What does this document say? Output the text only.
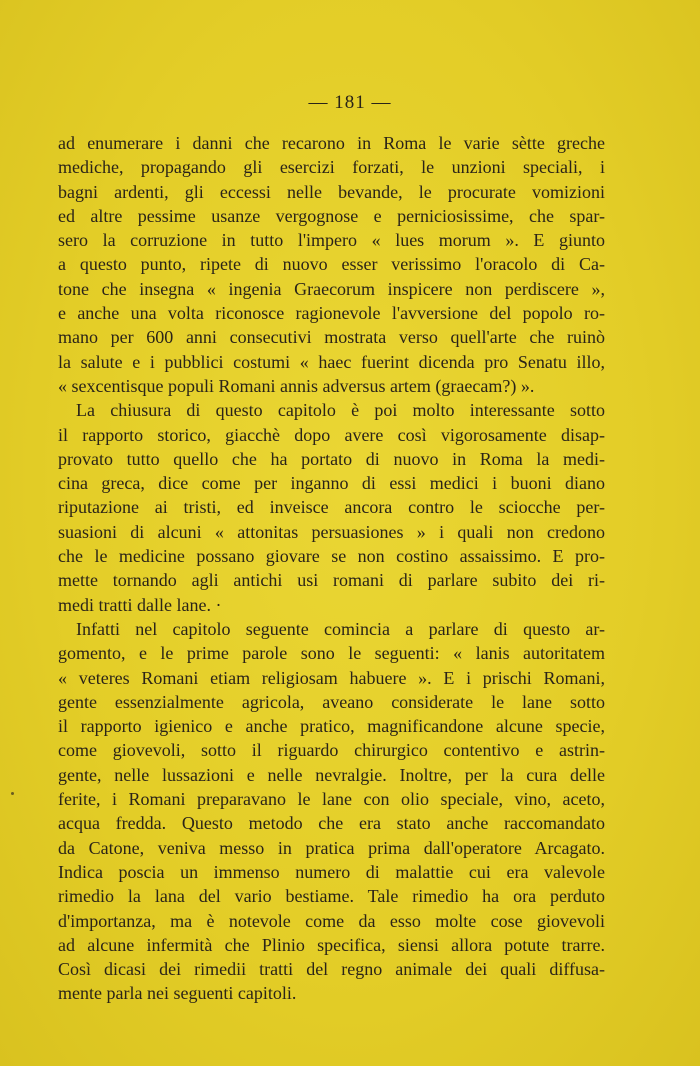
— 181 —
ad enumerare i danni che recarono in Roma le varie sètte greche
mediche, propagando gli esercizi forzati, le unzioni speciali, i
bagni ardenti, gli eccessi nelle bevande, le procurate vomizioni
ed altre pessime usanze vergognose e perniciosissime, che spar-
sero la corruzione in tutto l'impero « lues morum ». E giunto
a questo punto, ripete di nuovo esser verissimo l'oracolo di Ca-
tone che insegna « ingenia Graecorum inspicere non perdiscere »,
e anche una volta riconosce ragionevole l'avversione del popolo ro-
mano per 600 anni consecutivi mostrata verso quell'arte che ruinò
la salute e i pubblici costumi « haec fuerint dicenda pro Senatu illo,
« sexcentisque populi Romani annis adversus artem (graecam?) ».
La chiusura di questo capitolo è poi molto interessante sotto
il rapporto storico, giacchè dopo avere così vigorosamente disap-
provato tutto quello che ha portato di nuovo in Roma la medi-
cina greca, dice come per inganno di essi medici i buoni diano
riputazione ai tristi, ed inveisce ancora contro le sciocche per-
suasioni di alcuni « attonitas persuasiones » i quali non credono
che le medicine possano giovare se non costino assaissimo. E pro-
mette tornando agli antichi usi romani di parlare subito dei ri-
medi tratti dalle lane. ·
Infatti nel capitolo seguente comincia a parlare di questo ar-
gomento, e le prime parole sono le seguenti: « lanis autoritatem
« veteres Romani etiam religiosam habuere ». E i prischi Romani,
gente essenzialmente agricola, aveano considerate le lane sotto
il rapporto igienico e anche pratico, magnificandone alcune specie,
come giovevoli, sotto il riguardo chirurgico contentivo e astrin-
gente, nelle lussazioni e nelle nevralgie. Inoltre, per la cura delle
ferite, i Romani preparavano le lane con olio speciale, vino, aceto,
acqua fredda. Questo metodo che era stato anche raccomandato
da Catone, veniva messo in pratica prima dall'operatore Arcagato.
Indica poscia un immenso numero di malattie cui era valevole
rimedio la lana del vario bestiame. Tale rimedio ha ora perduto
d'importanza, ma è notevole come da esso molte cose giovevoli
ad alcune infermità che Plinio specifica, siensi allora potute trarre.
Così dicasi dei rimedii tratti del regno animale dei quali diffusa-
mente parla nei seguenti capitoli.
